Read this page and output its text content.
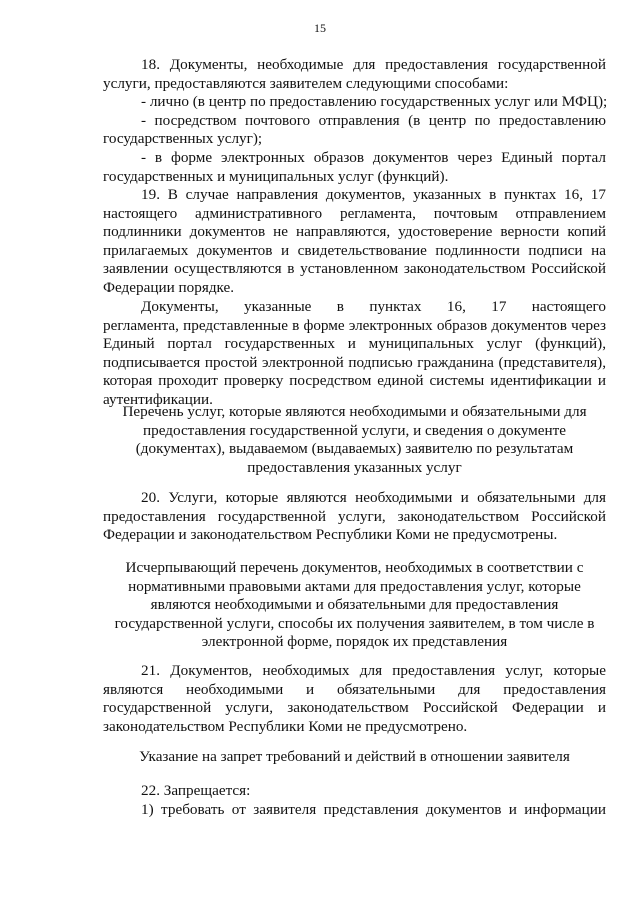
15
18. Документы, необходимые для предоставления государственной
услуги, предоставляются заявителем следующими способами:
- лично (в центр по предоставлению государственных услуг или МФЦ);
- посредством почтового отправления (в центр по предоставлению
государственных услуг);
- в форме электронных образов документов через Единый портал
государственных и муниципальных услуг (функций).
19. В случае направления документов, указанных в пунктах 16, 17
настоящего административного регламента, почтовым отправлением
подлинники документов не направляются, удостоверение верности копий
прилагаемых документов и свидетельствование подлинности подписи на
заявлении осуществляются в установленном законодательством Российской
Федерации порядке.
Документы, указанные в пунктах 16, 17 настоящего
регламента, представленные в форме электронных образов документов через
Единый портал государственных и муниципальных услуг (функций),
подписывается простой электронной подписью гражданина (представителя),
которая проходит проверку посредством единой системы идентификации и
аутентификации.
Перечень услуг, которые являются необходимыми и обязательными для
предоставления государственной услуги, и сведения о документе
(документах), выдаваемом (выдаваемых) заявителю по результатам
предоставления указанных услуг
20. Услуги, которые являются необходимыми и обязательными для
предоставления государственной услуги, законодательством Российской
Федерации и законодательством Республики Коми не предусмотрены.
Исчерпывающий перечень документов, необходимых в соответствии с
нормативными правовыми актами для предоставления услуг, которые
являются необходимыми и обязательными для предоставления
государственной услуги, способы их получения заявителем, в том числе в
электронной форме, порядок их представления
21. Документов, необходимых для предоставления услуг, которые
являются необходимыми и обязательными для предоставления
государственной услуги, законодательством Российской Федерации и
законодательством Республики Коми не предусмотрено.
Указание на запрет требований и действий в отношении заявителя
22. Запрещается:
1) требовать от заявителя представления документов и информации
